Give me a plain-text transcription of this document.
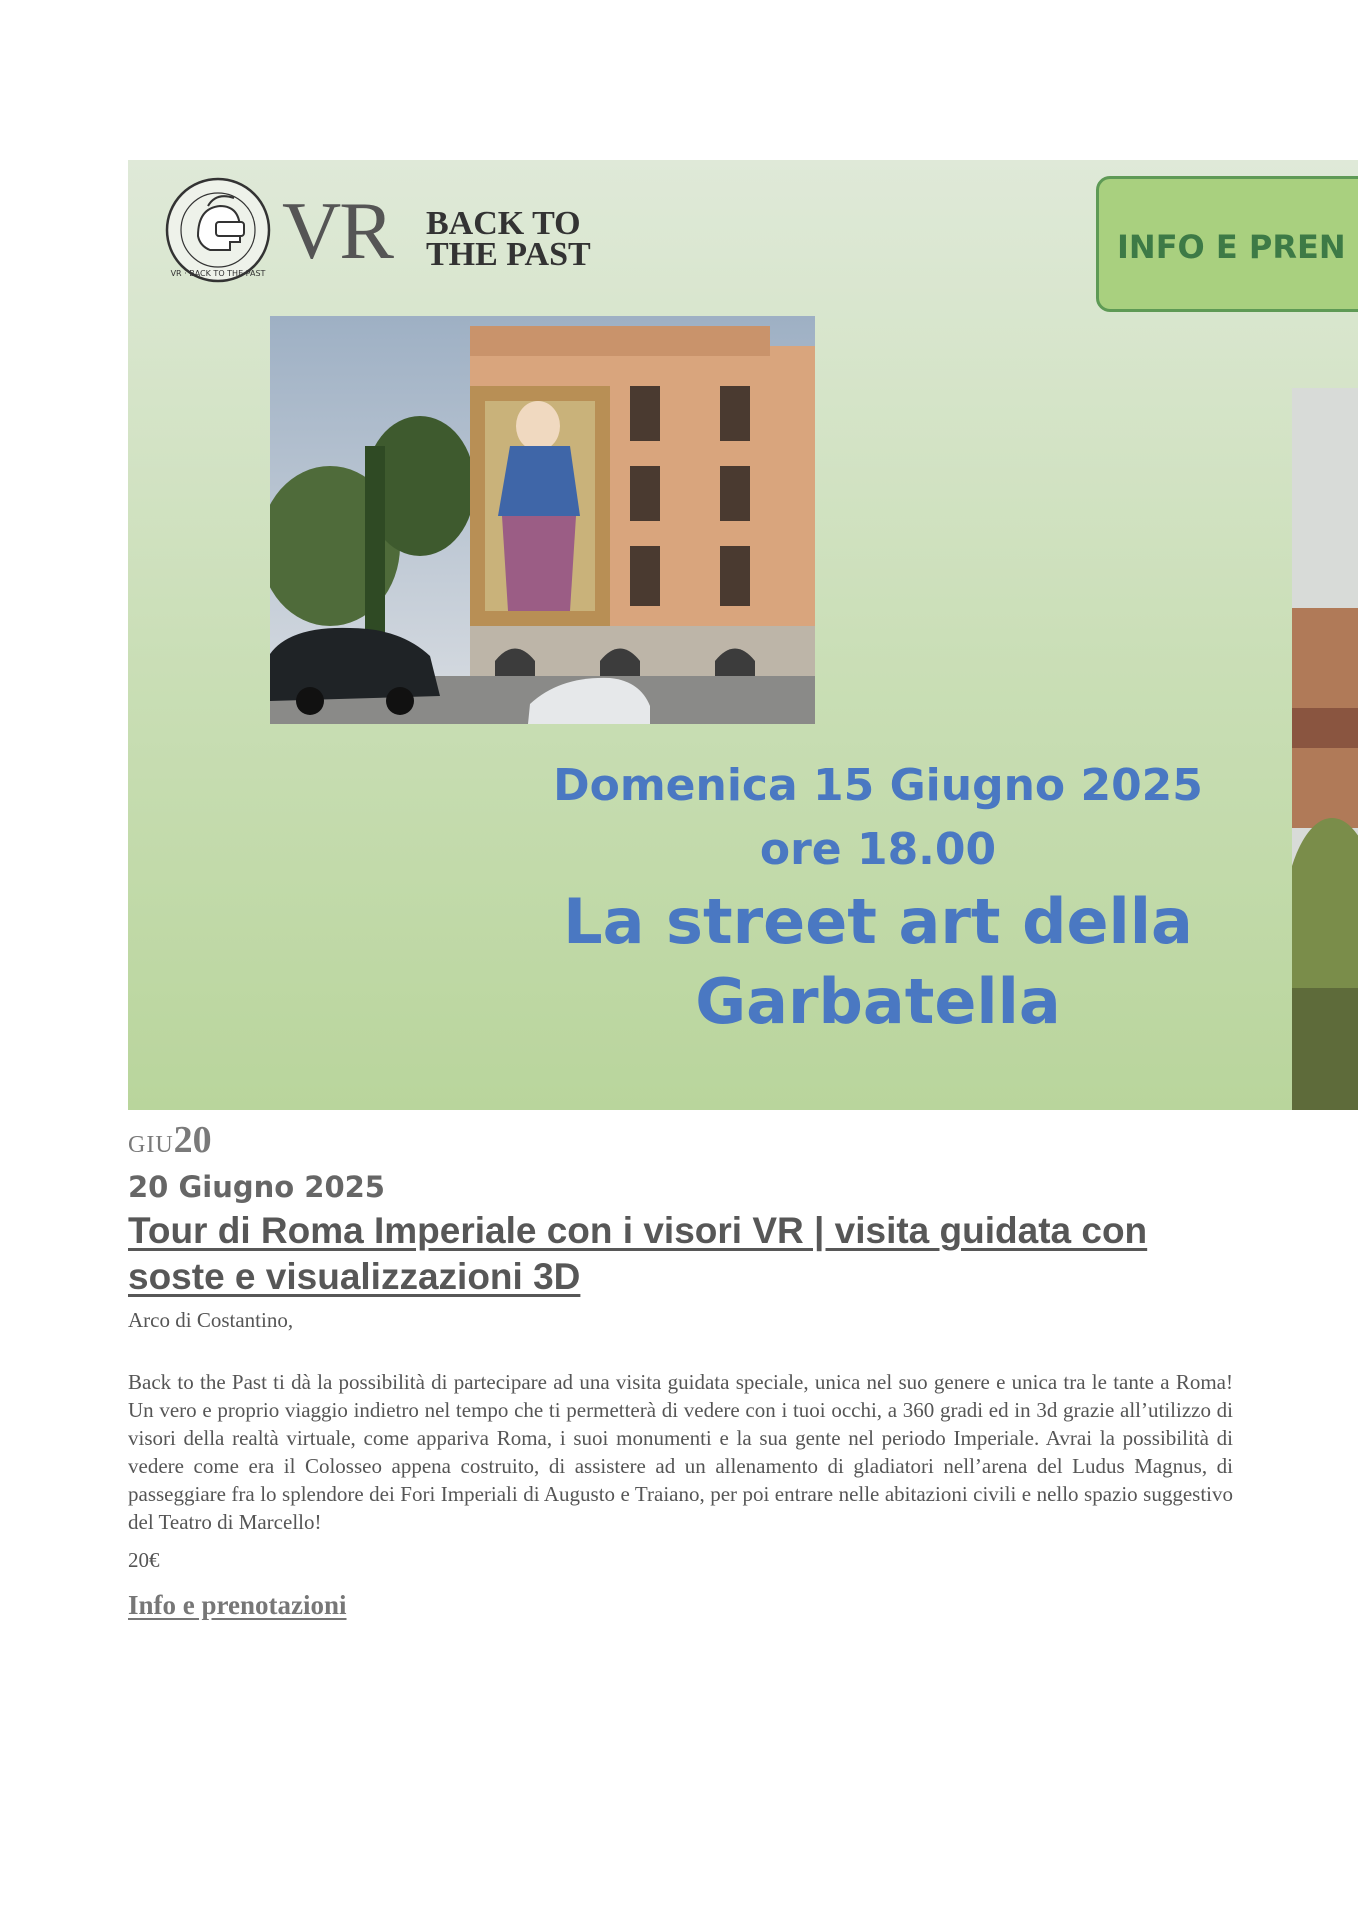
VR · BACK TO THE PAST VR BACK TO
THE PAST	INFO E PREN
Domenica 15 Giugno 2025
ore 18.00
La street art della
Garbatella
GIU20
20 Giugno 2025
Tour di Roma Imperiale con i visori VR | visita guidata con soste e visualizzazioni 3D
Arco di Costantino,

Back to the Past ti dà la possibilità di partecipare ad una visita guidata speciale, unica nel suo genere e unica tra le tante a Roma! Un vero e proprio viaggio indietro nel tempo che ti permetterà di vedere con i tuoi occhi, a 360 gradi ed in 3d grazie all’utilizzo di visori della realtà virtuale, come appariva Roma, i suoi monumenti e la sua gente nel periodo Imperiale. Avrai la possibilità di vedere come era il Colosseo appena costruito, di assistere ad un allenamento di gladiatori nell’arena del Ludus Magnus, di passeggiare fra lo splendore dei Fori Imperiali di Augusto e Traiano, per poi entrare nelle abitazioni civili e nello spazio suggestivo del Teatro di Marcello!

20€
Info e prenotazioni
